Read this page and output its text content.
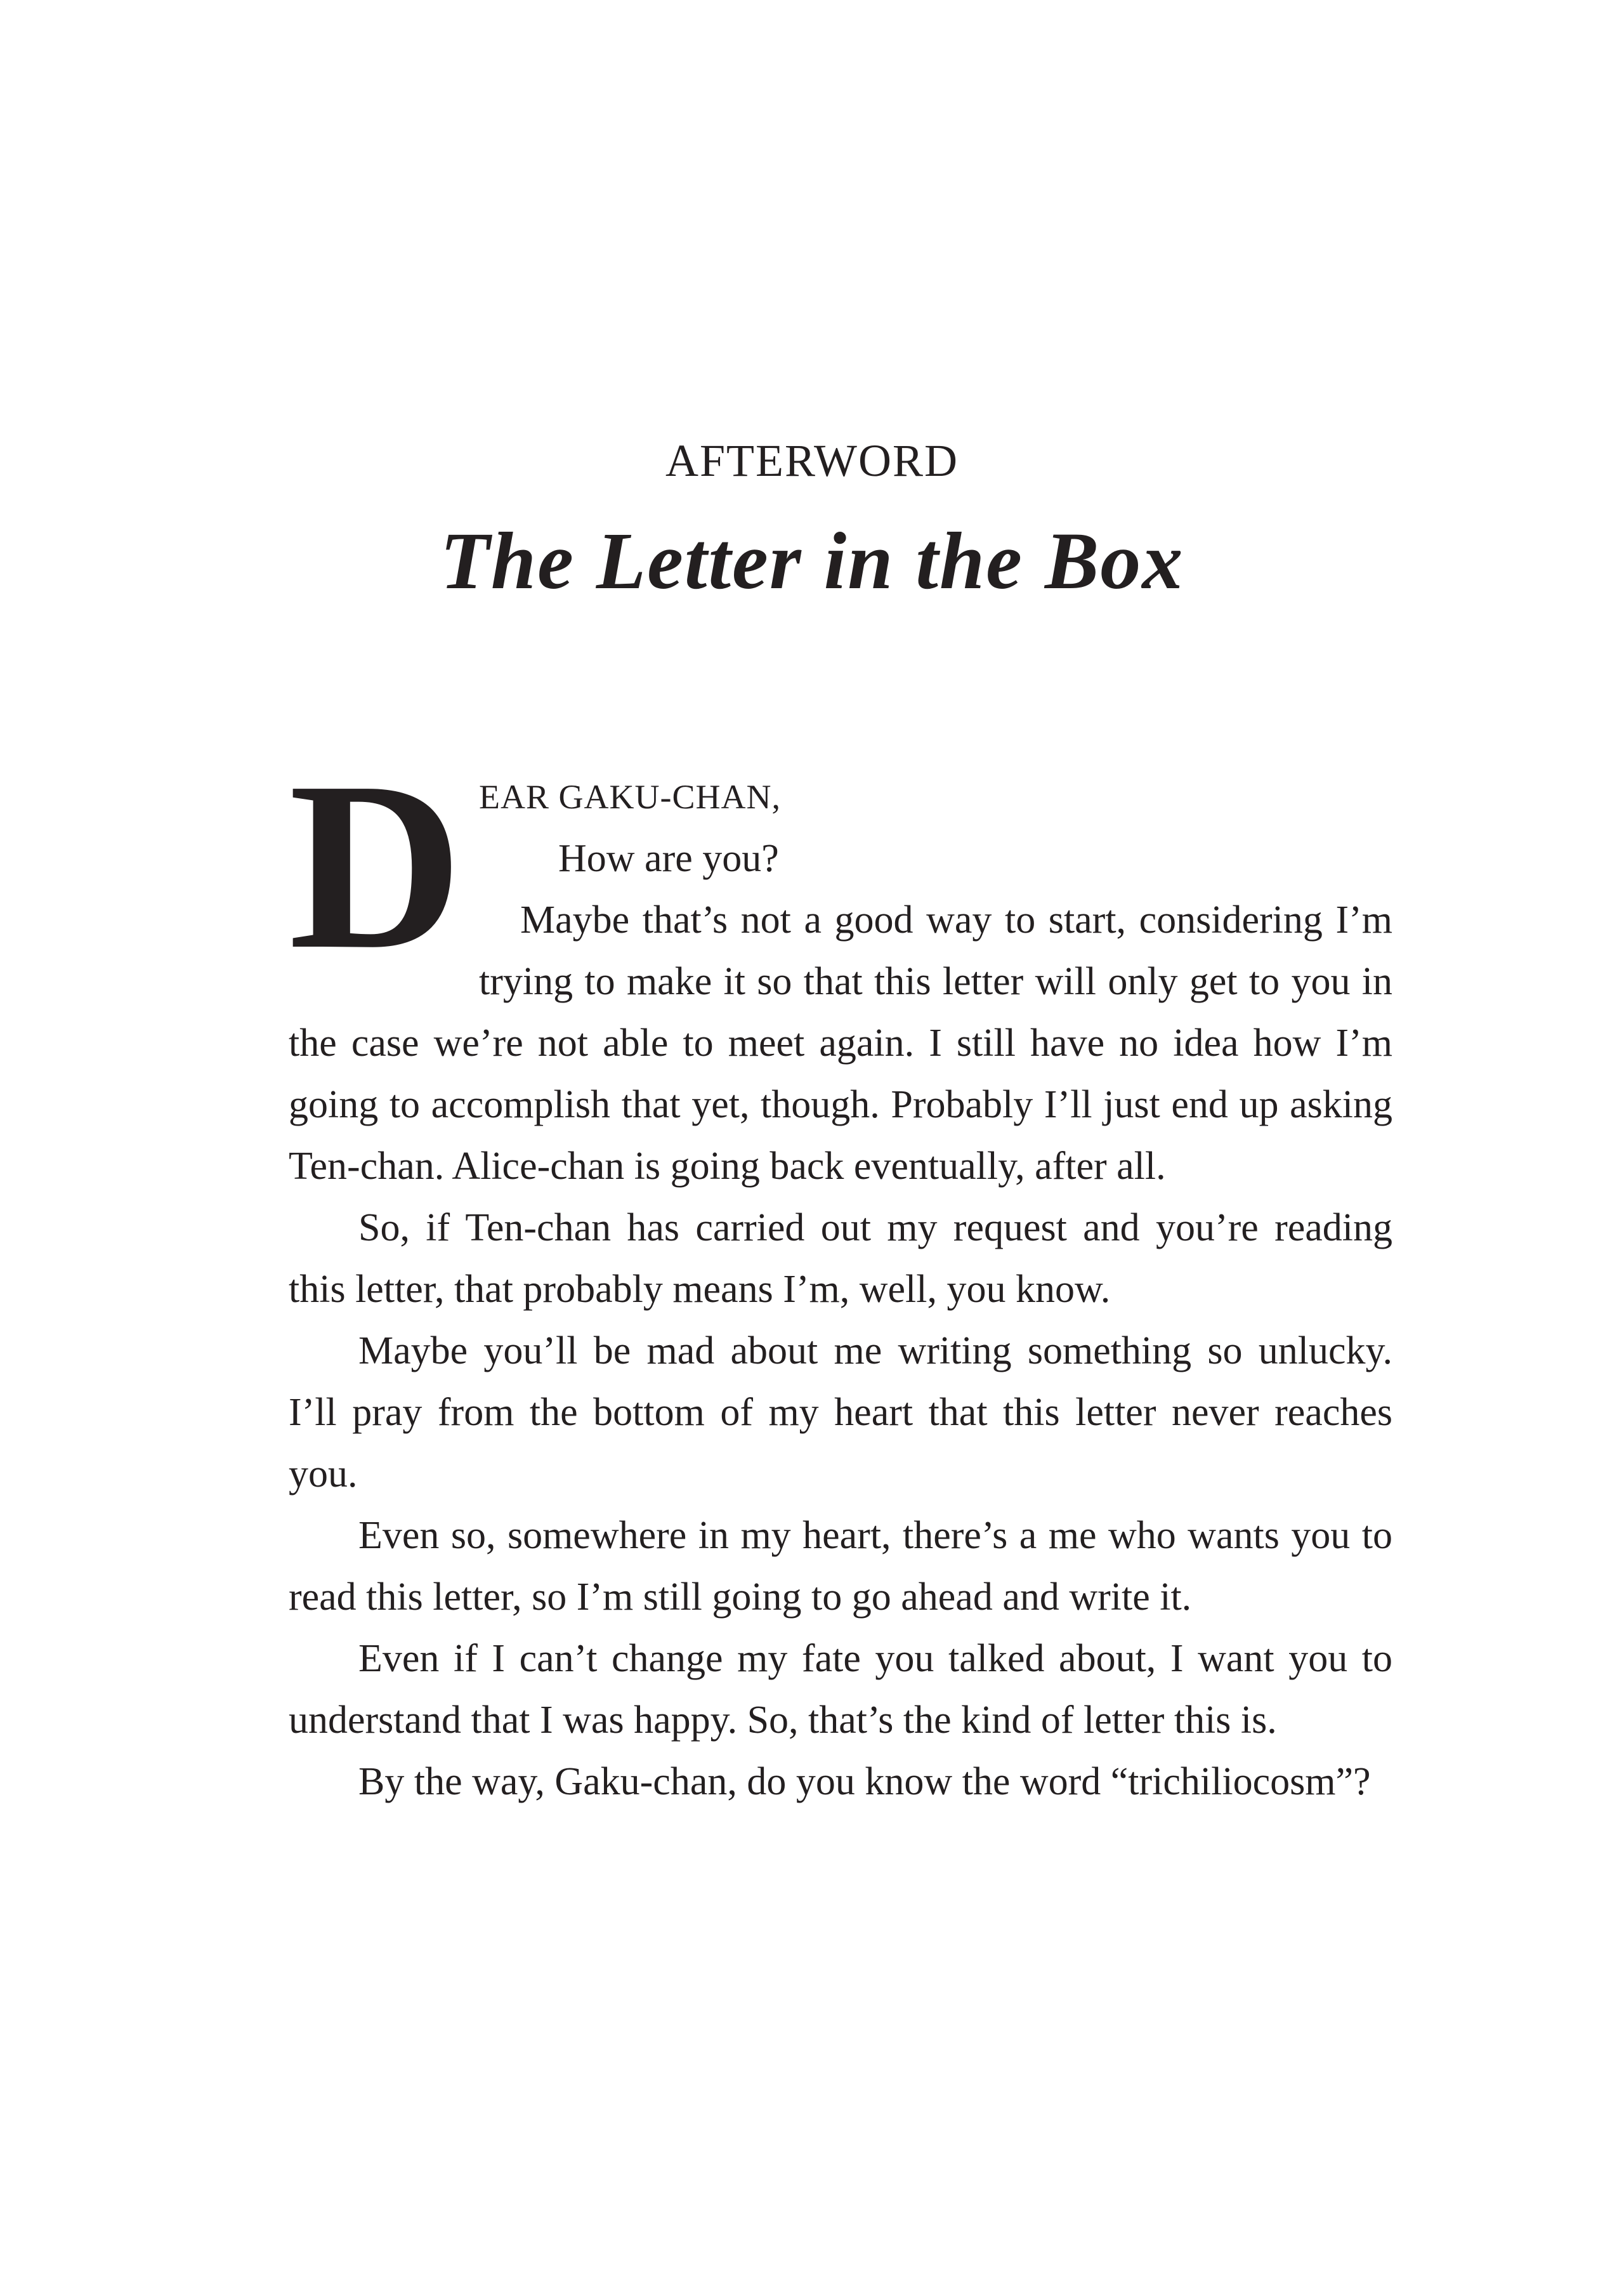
AFTERWORD
The Letter in the Box
D EAR GAKU-CHAN,

How are you?

Maybe that’s not a good way to start, considering I’m trying to make it so that this letter will only get to you in the case we’re not able to meet again. I still have no idea how I’m going to accomplish that yet, though. Probably I’ll just end up asking Ten-chan. Alice-chan is going back eventually, after all.

So, if Ten-chan has carried out my request and you’re reading this letter, that probably means I’m, well, you know.

Maybe you’ll be mad about me writing something so unlucky. I’ll pray from the bottom of my heart that this letter never reaches you.

Even so, somewhere in my heart, there’s a me who wants you to read this letter, so I’m still going to go ahead and write it.

Even if I can’t change my fate you talked about, I want you to understand that I was happy. So, that’s the kind of letter this is.

By the way, Gaku-chan, do you know the word “trichiliocosm”?
